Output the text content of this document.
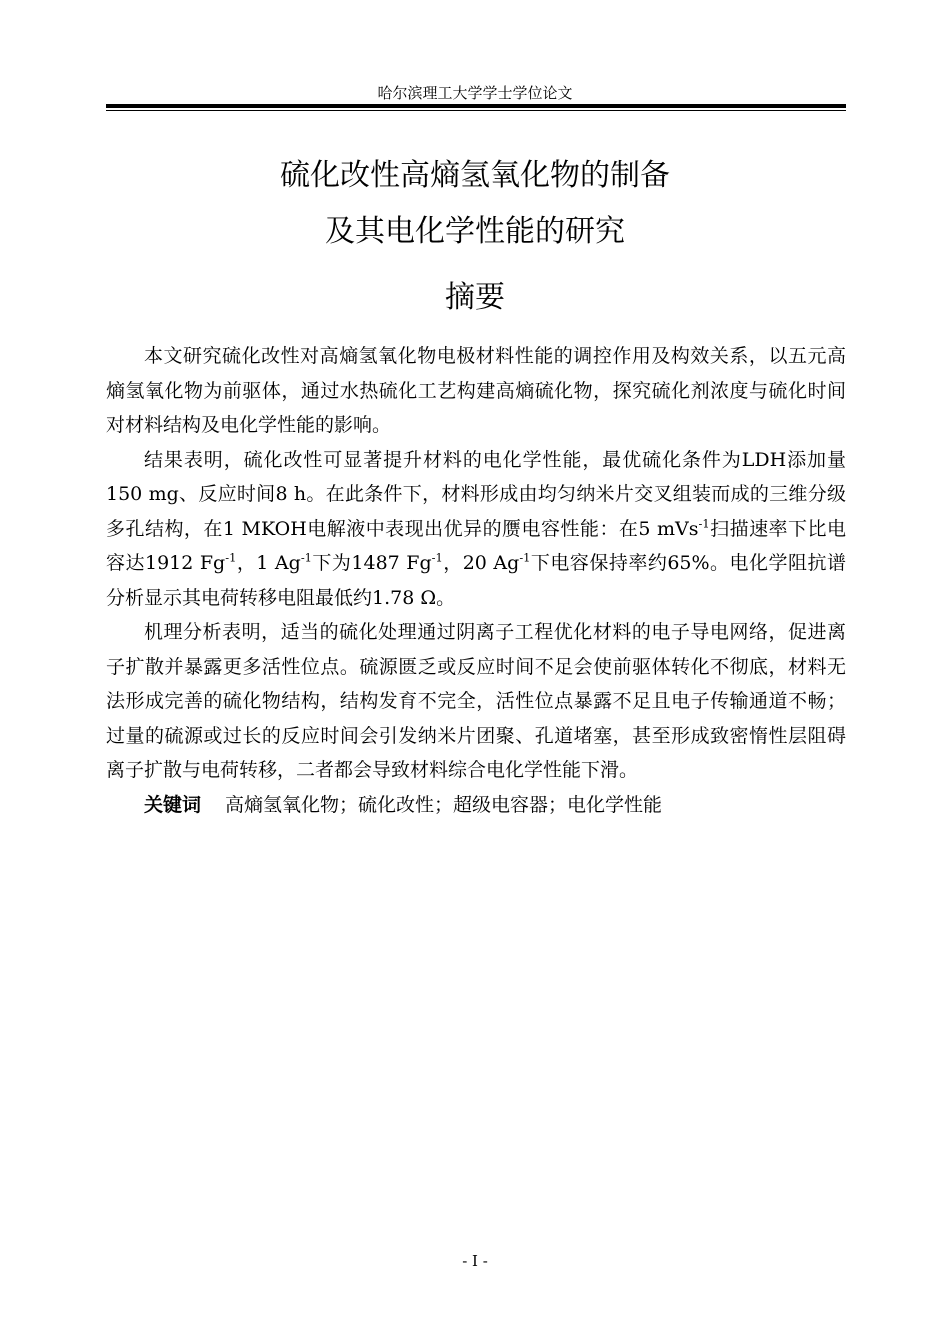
哈尔滨理工大学学士学位论文
硫化改性高熵氢氧化物的制备
及其电化学性能的研究
摘要

本文研究硫化改性对高熵氢氧化物电极材料性能的调控作用及构效关系，以五元高熵氢氧化物为前驱体，通过水热硫化工艺构建高熵硫化物，探究硫化剂浓度与硫化时间对材料结构及电化学性能的影响。

结果表明，硫化改性可显著提升材料的电化学性能，最优硫化条件为LDH添加量150 mg、反应时间8 h。在此条件下，材料形成由均匀纳米片交叉组装而成的三维分级多孔结构，在1 MKOH电解液中表现出优异的赝电容性能：在5 mVs$^{-1}$扫描速率下比电容达1912 $Fg^{-1}$，1 $Ag^{-1}$下为1487 $Fg^{-1}$，20 $Ag^{-1}$下电容保持率约65%。电化学阻抗谱分析显示其电荷转移电阻最低约1.78 Ω。

机理分析表明，适当的硫化处理通过阴离子工程优化材料的电子导电网络，促进离子扩散并暴露更多活性位点。硫源匮乏或反应时间不足会使前驱体转化不彻底，材料无法形成完善的硫化物结构，结构发育不完全，活性位点暴露不足且电子传输通道不畅；过量的硫源或过长的反应时间会引发纳米片团聚、孔道堵塞，甚至形成致密惰性层阻碍离子扩散与电荷转移，二者都会导致材料综合电化学性能下滑。

关键词 高熵氢氧化物；硫化改性；超级电容器；电化学性能

- I -
